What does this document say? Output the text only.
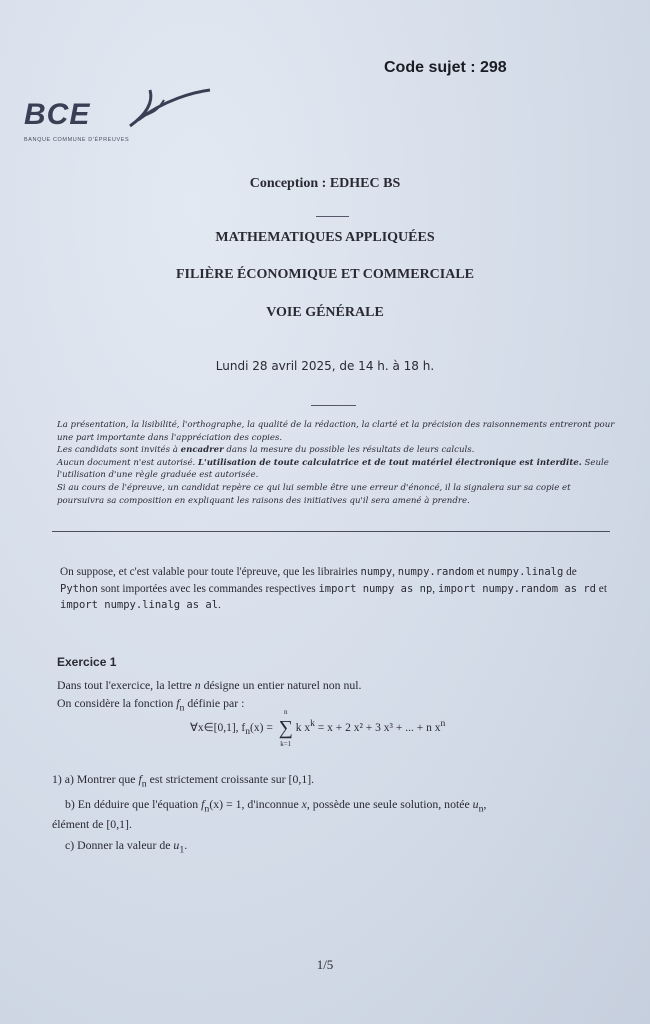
Code sujet : 298
BCE
BANQUE COMMUNE D'ÉPREUVES
Conception : EDHEC BS
MATHEMATIQUES APPLIQUÉES
FILIÈRE ÉCONOMIQUE ET COMMERCIALE
VOIE GÉNÉRALE
Lundi 28 avril 2025, de 14 h. à 18 h.

La présentation, la lisibilité, l'orthographe, la qualité de la rédaction, la clarté et la précision des raisonnements entreront pour une part importante dans l'appréciation des copies.

Les candidats sont invités à encadrer dans la mesure du possible les résultats de leurs calculs.

Aucun document n'est autorisé. L'utilisation de toute calculatrice et de tout matériel électronique est interdite. Seule l'utilisation d'une règle graduée est autorisée.

Si au cours de l'épreuve, un candidat repère ce qui lui semble être une erreur d'énoncé, il la signalera sur sa copie et poursuivra sa composition en expliquant les raisons des initiatives qu'il sera amené à prendre.

On suppose, et c'est valable pour toute l'épreuve, que les librairies numpy, numpy.random et numpy.linalg de Python sont importées avec les commandes respectives import numpy as np, import numpy.random as rd et import numpy.linalg as al.
Exercice 1
Dans tout l'exercice, la lettre n désigne un entier naturel non nul.
On considère la fonction $f_n$ définie par :
∀x∈[0,1], $f_n(x)$ =
n
∑
k=1
k $x^k = x + 2$ x² + 3 x³ + ... + n $x^n$
1) a) Montrer que $f_n$ est strictement croissante sur [0,1].
b) En déduire que l'équation $f_n(x) = 1$, d'inconnue x, possède une seule solution, notée $u_n$,
élément de [0,1].
c) Donner la valeur de $u_1$.
1/5
